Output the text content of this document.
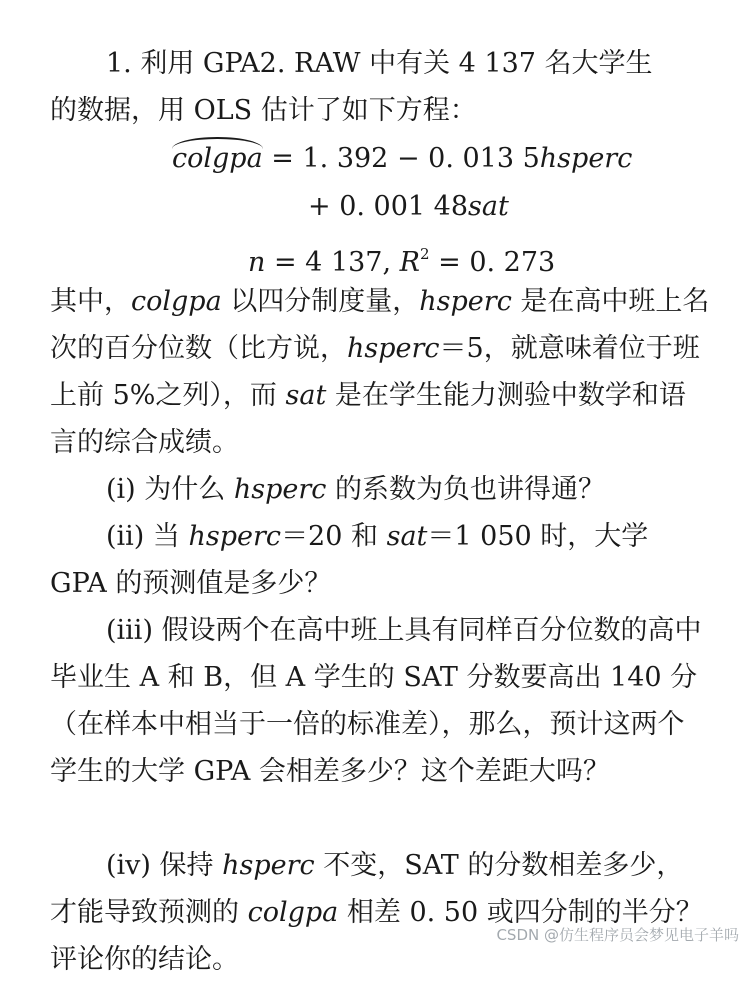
1. 利用 GPA2. RAW 中有关 4 137 名大学生
的数据，用 OLS 估计了如下方程：

colgpa = 1. 392 − 0. 013 5hsperc
+ 0. 001 48sat
n = 4 137, $R^2 = 0$. 273

其中，colgpa 以四分制度量，hsperc 是在高中班上名次的百分位数（比方说，hsperc＝5，就意味着位于班上前 5%之列），而 sat 是在学生能力测验中数学和语言的综合成绩。

(i) 为什么 hsperc 的系数为负也讲得通？

(ii) 当 hsperc＝20 和 sat＝1 050 时，大学 GPA 的预测值是多少？

(iii) 假设两个在高中班上具有同样百分位数的高中毕业生 A 和 B，但 A 学生的 SAT 分数要高出 140 分（在样本中相当于一倍的标准差），那么，预计这两个学生的大学 GPA 会相差多少？这个差距大吗？

(iv) 保持 hsperc 不变，SAT 的分数相差多少，才能导致预测的 colgpa 相差 0. 50 或四分制的半分？评论你的结论。

CSDN @仿生程序员会梦见电子羊吗
